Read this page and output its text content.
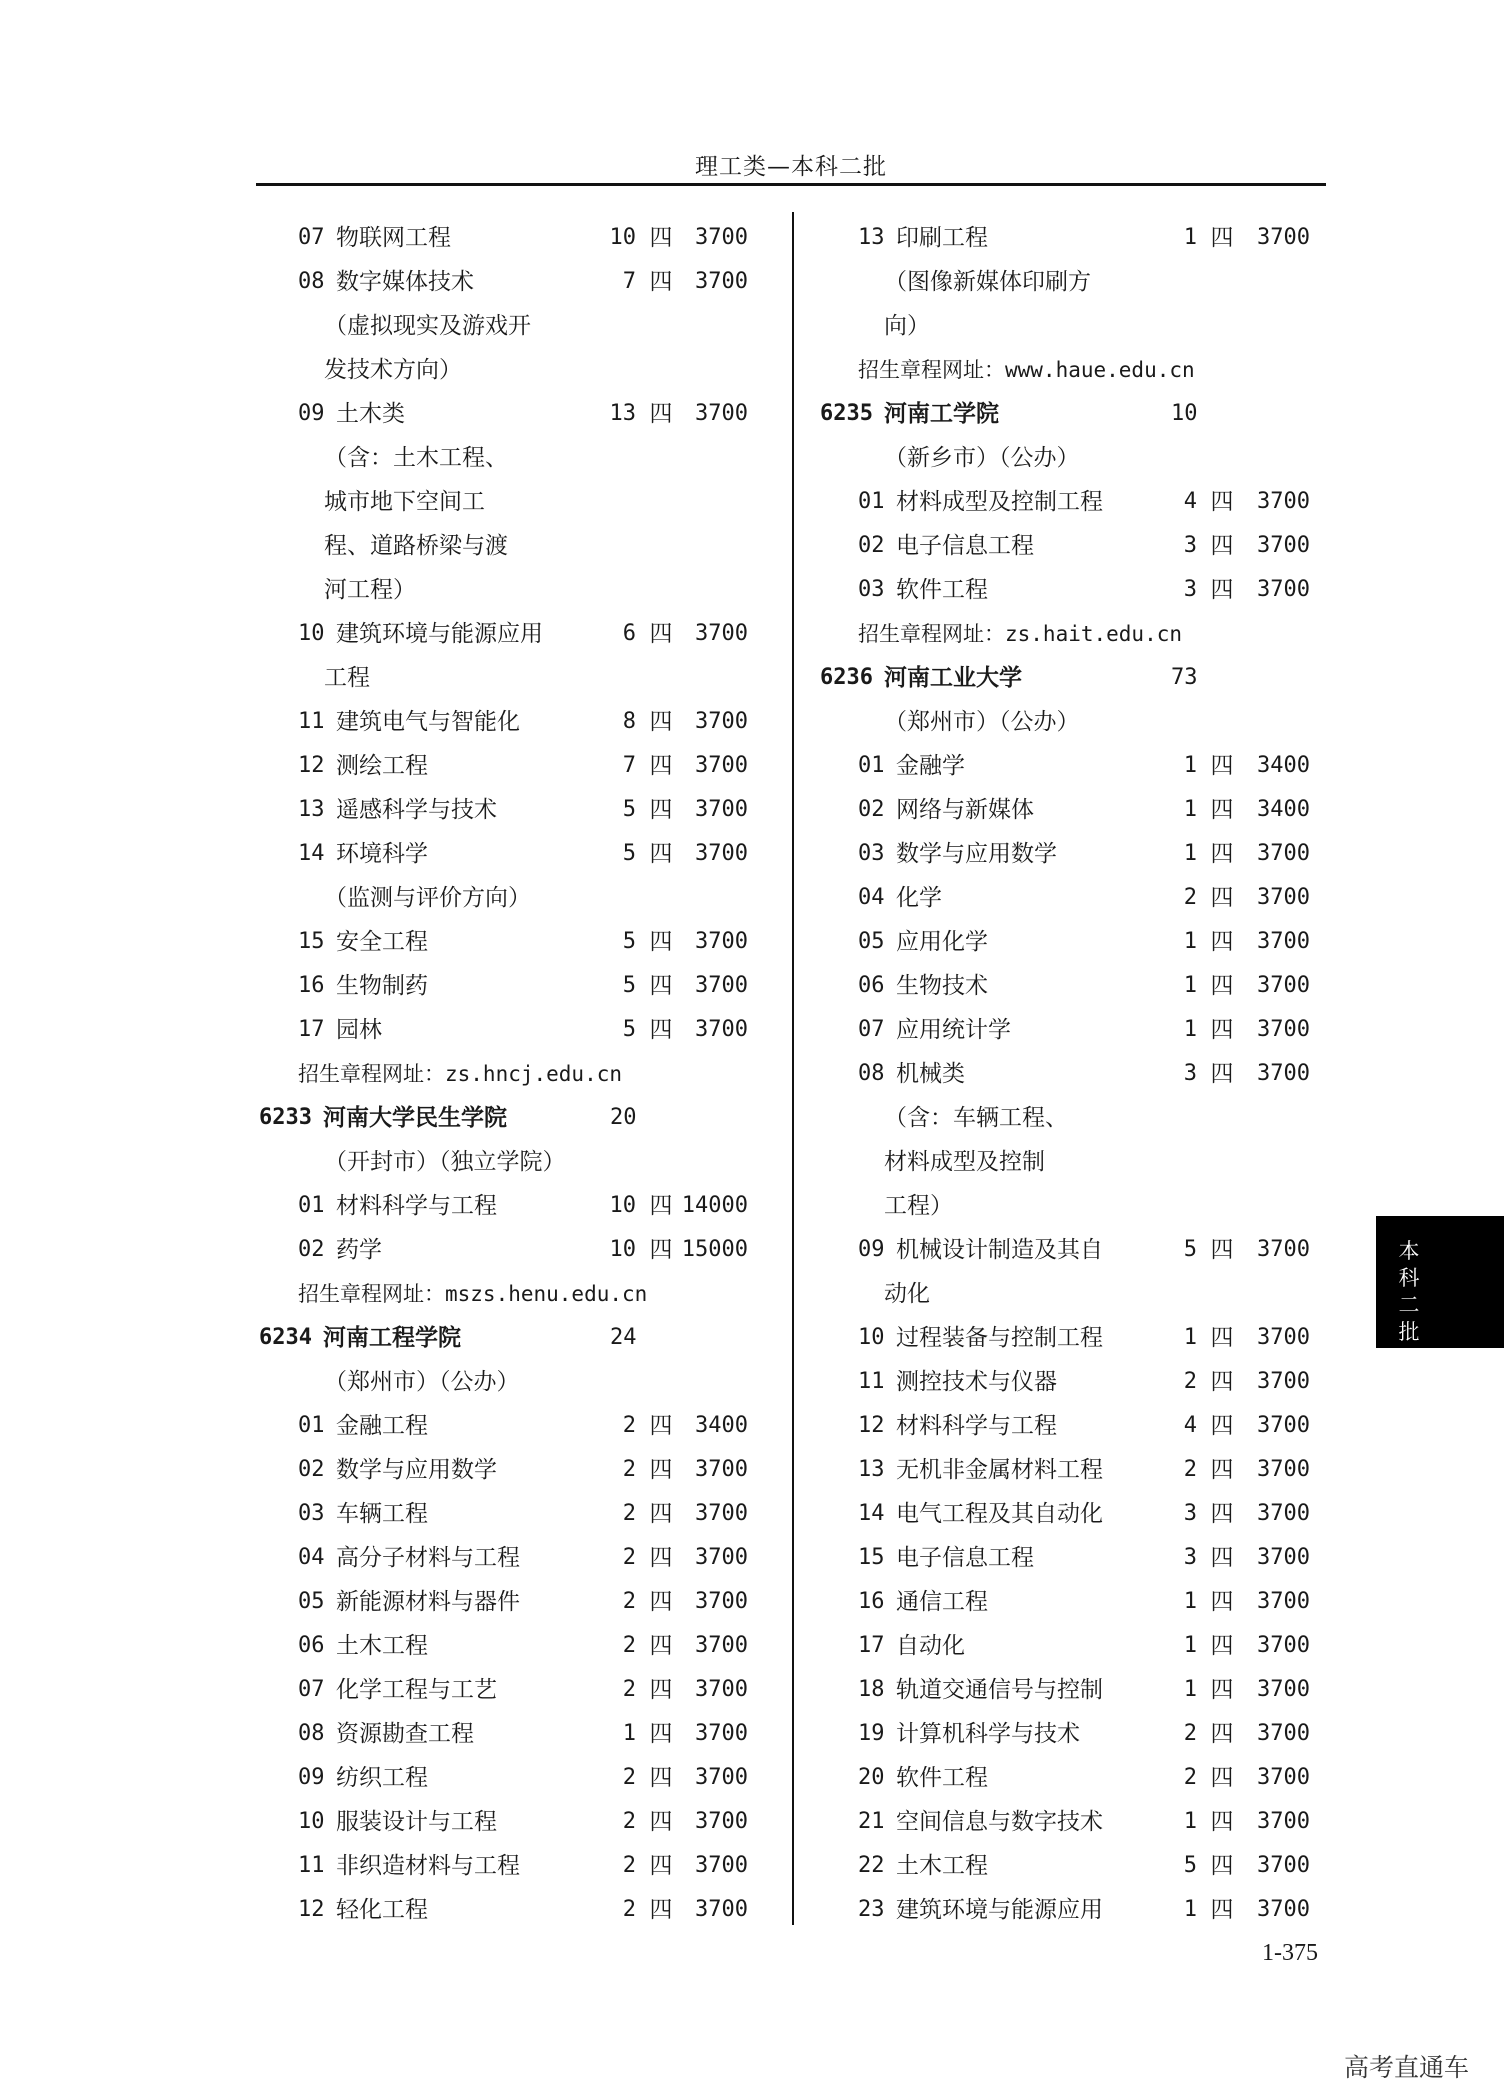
理工类—本科二批
07 物联网工程	10 四	3700
08 数字媒体技术	7 四	3700
（虚拟现实及游戏开
发技术方向）
09 土木类	13 四	3700
（含：土木工程、
城市地下空间工
程、道路桥梁与渡
河工程）
10 建筑环境与能源应用	6 四	3700
工程
11 建筑电气与智能化	8 四	3700
12 测绘工程	7 四	3700
13 遥感科学与技术	5 四	3700
14 环境科学	5 四	3700
（监测与评价方向）
15 安全工程	5 四	3700
16 生物制药	5 四	3700
17 园林	5 四	3700
招生章程网址：zs.hncj.edu.cn
6233 河南大学民生学院	20
（开封市）（独立学院）
01 材料科学与工程	10 四 14000
02 药学	10 四 15000
招生章程网址：mszs.henu.edu.cn
6234 河南工程学院	24
（郑州市）（公办）
01 金融工程	2 四	3400
02 数学与应用数学	2 四	3700
03 车辆工程	2 四	3700
04 高分子材料与工程	2 四	3700
05 新能源材料与器件	2 四	3700
06 土木工程	2 四	3700
07 化学工程与工艺	2 四	3700
08 资源勘查工程	1 四	3700
09 纺织工程	2 四	3700
10 服装设计与工程	2 四	3700
11 非织造材料与工程	2 四	3700
12 轻化工程	2 四	3700
13 印刷工程	1 四	3700
（图像新媒体印刷方
向）
招生章程网址：www.haue.edu.cn
6235 河南工学院	10
（新乡市）（公办）
01 材料成型及控制工程	4 四	3700
02 电子信息工程	3 四	3700
03 软件工程	3 四	3700
招生章程网址：zs.hait.edu.cn
6236 河南工业大学	73
（郑州市）（公办）
01 金融学	1 四	3400
02 网络与新媒体	1 四	3400
03 数学与应用数学	1 四	3700
04 化学	2 四	3700
05 应用化学	1 四	3700
06 生物技术	1 四	3700
07 应用统计学	1 四	3700
08 机械类	3 四	3700
（含：车辆工程、
材料成型及控制
工程）
09 机械设计制造及其自	5 四	3700
动化
10 过程装备与控制工程	1 四	3700
11 测控技术与仪器	2 四	3700
12 材料科学与工程	4 四	3700
13 无机非金属材料工程	2 四	3700
14 电气工程及其自动化	3 四	3700
15 电子信息工程	3 四	3700
16 通信工程	1 四	3700
17 自动化	1 四	3700
18 轨道交通信号与控制	1 四	3700
19 计算机科学与技术	2 四	3700
20 软件工程	2 四	3700
21 空间信息与数字技术	1 四	3700
22 土木工程	5 四	3700
23 建筑环境与能源应用	1 四	3700
本科二批
1-375
高考直通车
